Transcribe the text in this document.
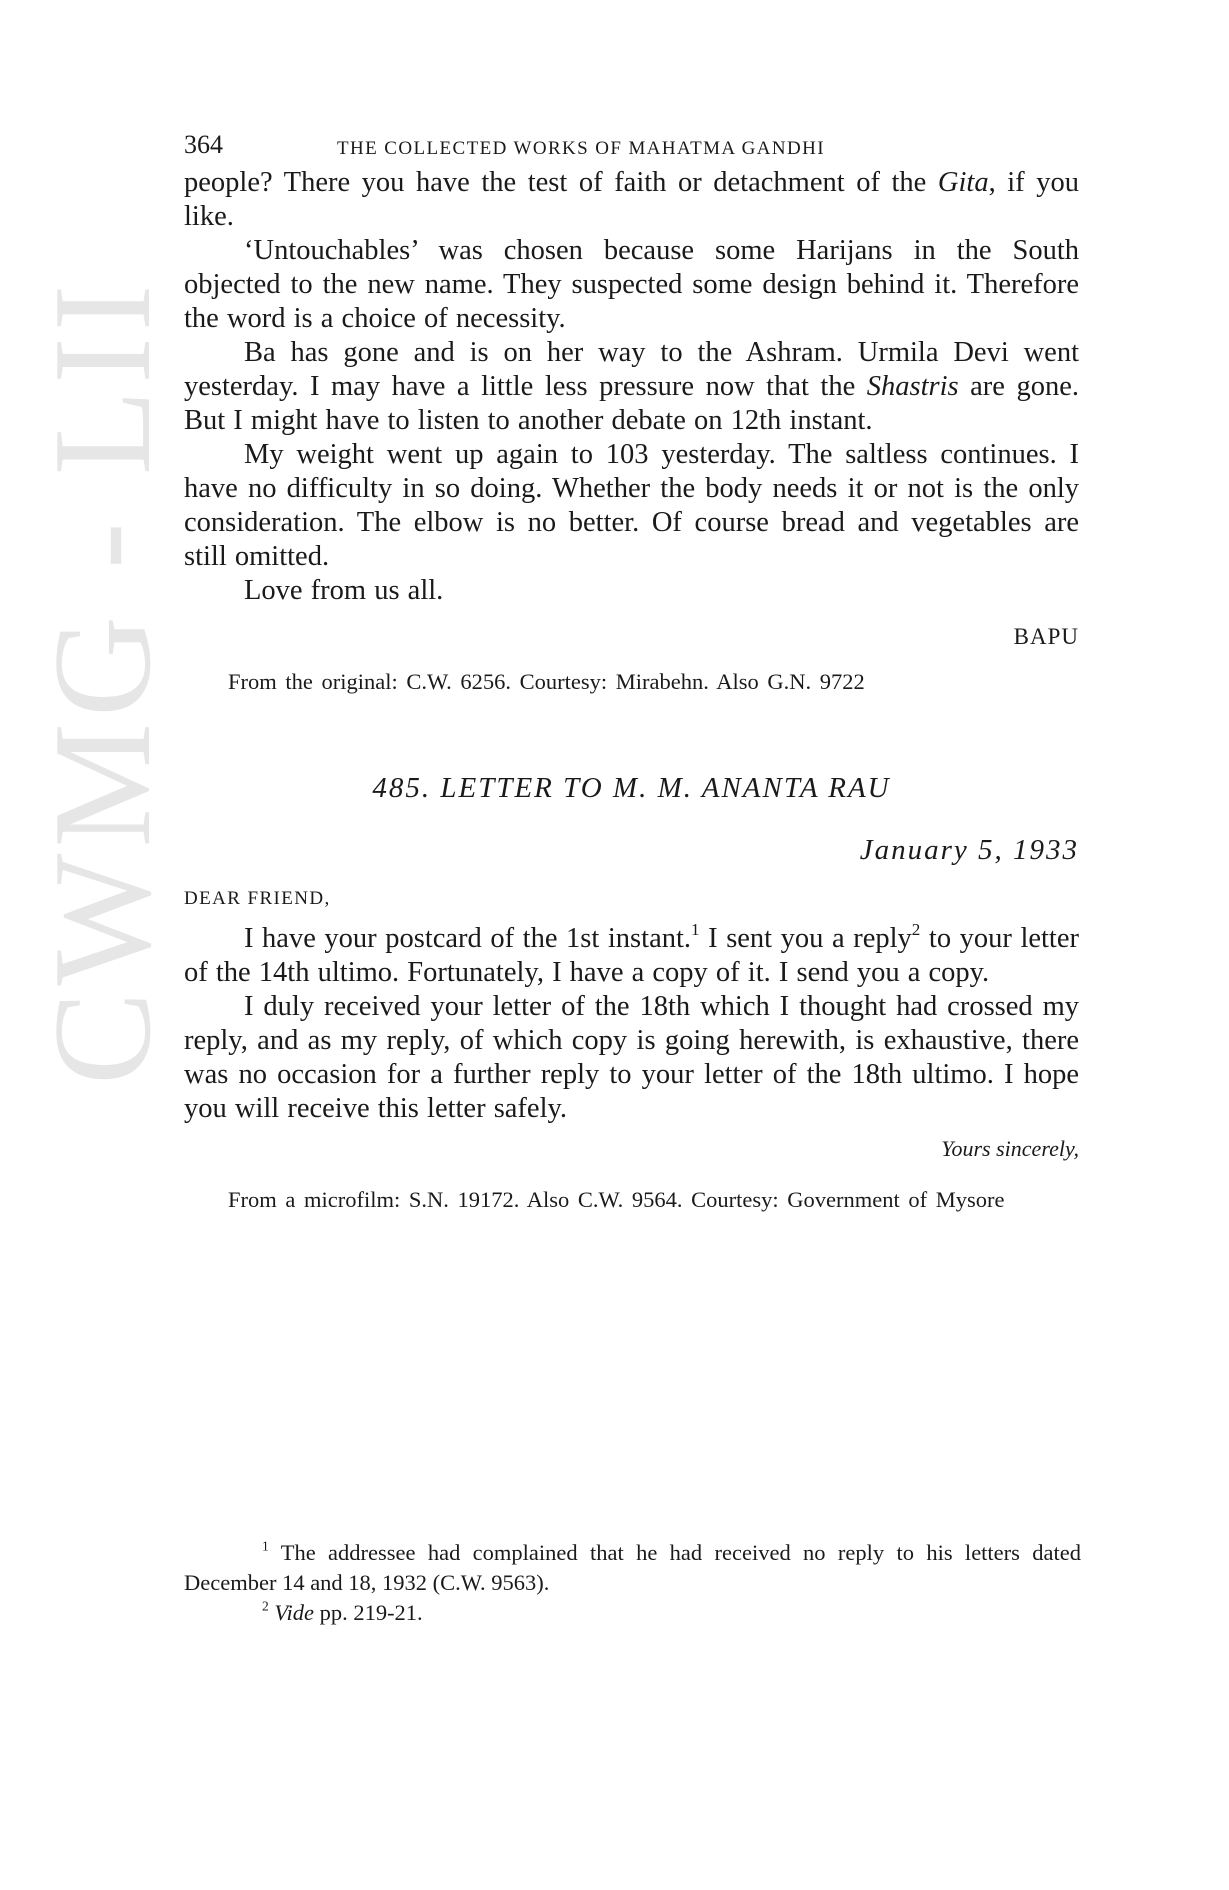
CWMG - LII
364	THE COLLECTED WORKS OF MAHATMA GANDHI

people? There you have the test of faith or detachment of the Gita, if you like.

‘Untouchables’ was chosen because some Harijans in the South objected to the new name. They suspected some design behind it. Therefore the word is a choice of necessity.

Ba has gone and is on her way to the Ashram. Urmila Devi went yesterday. I may have a little less pressure now that the Shastris are gone. But I might have to listen to another debate on 12th instant.

My weight went up again to 103 yesterday. The saltless continues. I have no difficulty in so doing. Whether the body needs it or not is the only consideration. The elbow is no better. Of course bread and vegetables are still omitted.

Love from us all.

BAPU

From the original: C.W. 6256. Courtesy: Mirabehn. Also G.N. 9722

485. LETTER TO M. M. ANANTA RAU
January 5, 1933
DEAR FRIEND,

I have your postcard of the 1st instant.$^1$ I sent you a reply$^2$ to your letter of the 14th ultimo. Fortunately, I have a copy of it. I send you a copy.

I duly received your letter of the 18th which I thought had crossed my reply, and as my reply, of which copy is going herewith, is exhaustive, there was no occasion for a further reply to your letter of the 18th ultimo. I hope you will receive this letter safely.

Yours sincerely,

From a microfilm: S.N. 19172. Also C.W. 9564. Courtesy: Government of Mysore

$^1$ The addressee had complained that he had received no reply to his letters dated December 14 and 18, 1932 (C.W. 9563).

$^2$ Vide pp. 219-21.
